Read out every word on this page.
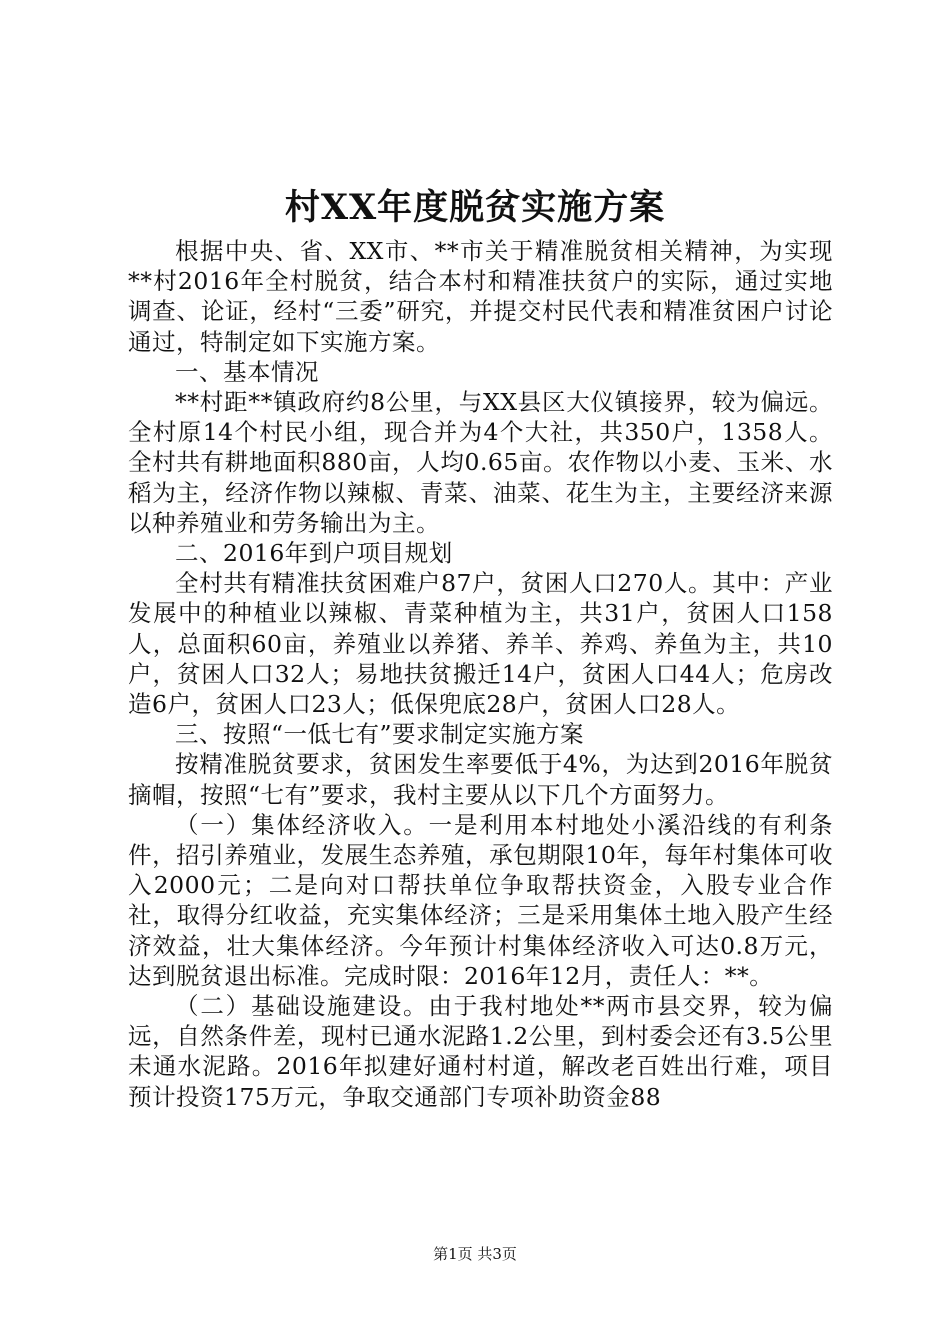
村XX年度脱贫实施方案

根据中央、省、XX市、**市关于精准脱贫相关精神，为实现**村2016年全村脱贫，结合本村和精准扶贫户的实际，通过实地调查、论证，经村“三委”研究，并提交村民代表和精准贫困户讨论通过，特制定如下实施方案。

一、基本情况

**村距**镇政府约8公里，与XX县区大仪镇接界，较为偏远。全村原14个村民小组，现合并为4个大社，共350户，1358人。全村共有耕地面积880亩，人均0.65亩。农作物以小麦、玉米、水稻为主，经济作物以辣椒、青菜、油菜、花生为主，主要经济来源以种养殖业和劳务输出为主。

二、2016年到户项目规划

全村共有精准扶贫困难户87户，贫困人口270人。其中：产业发展中的种植业以辣椒、青菜种植为主，共31户，贫困人口158人，总面积60亩，养殖业以养猪、养羊、养鸡、养鱼为主，共10户，贫困人口32人；易地扶贫搬迁14户，贫困人口44人；危房改造6户，贫困人口23人；低保兜底28户，贫困人口28人。

三、按照“一低七有”要求制定实施方案

按精准脱贫要求，贫困发生率要低于4%，为达到2016年脱贫摘帽，按照“七有”要求，我村主要从以下几个方面努力。

（一）集体经济收入。一是利用本村地处小溪沿线的有利条件，招引养殖业，发展生态养殖，承包期限10年，每年村集体可收入2000元；二是向对口帮扶单位争取帮扶资金，入股专业合作社，取得分红收益，充实集体经济；三是采用集体土地入股产生经济效益，壮大集体经济。今年预计村集体经济收入可达0.8万元，达到脱贫退出标准。完成时限：2016年12月，责任人：**。

（二）基础设施建设。由于我村地处**两市县交界，较为偏远，自然条件差，现村已通水泥路1.2公里，到村委会还有3.5公里未通水泥路。2016年拟建好通村村道，解改老百姓出行难，项目预计投资175万元，争取交通部门专项补助资金88

第1页 共3页
